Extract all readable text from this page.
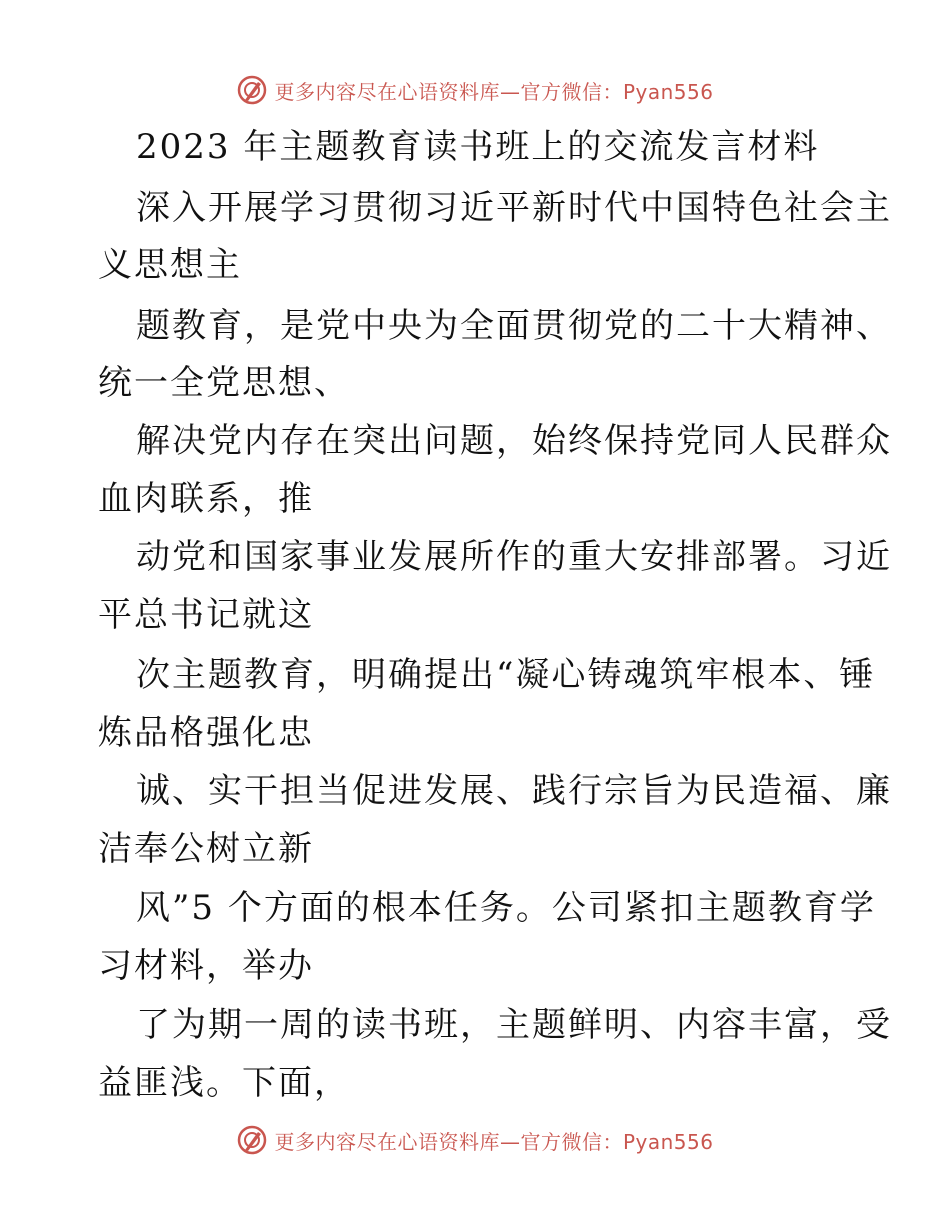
更多内容尽在心语资料库—官方微信：Pyan556
2023 年主题教育读书班上的交流发言材料
深入开展学习贯彻习近平新时代中国特色社会主
义思想主
题教育，是党中央为全面贯彻党的二十大精神、
统一全党思想、
解决党内存在突出问题，始终保持党同人民群众
血肉联系，推
动党和国家事业发展所作的重大安排部署。习近
平总书记就这
次主题教育，明确提出“凝心铸魂筑牢根本、锤
炼品格强化忠
诚、实干担当促进发展、践行宗旨为民造福、廉
洁奉公树立新
风”5 个方面的根本任务。公司紧扣主题教育学
习材料，举办
了为期一周的读书班，主题鲜明、内容丰富，受
益匪浅。下面，
更多内容尽在心语资料库—官方微信：Pyan556
